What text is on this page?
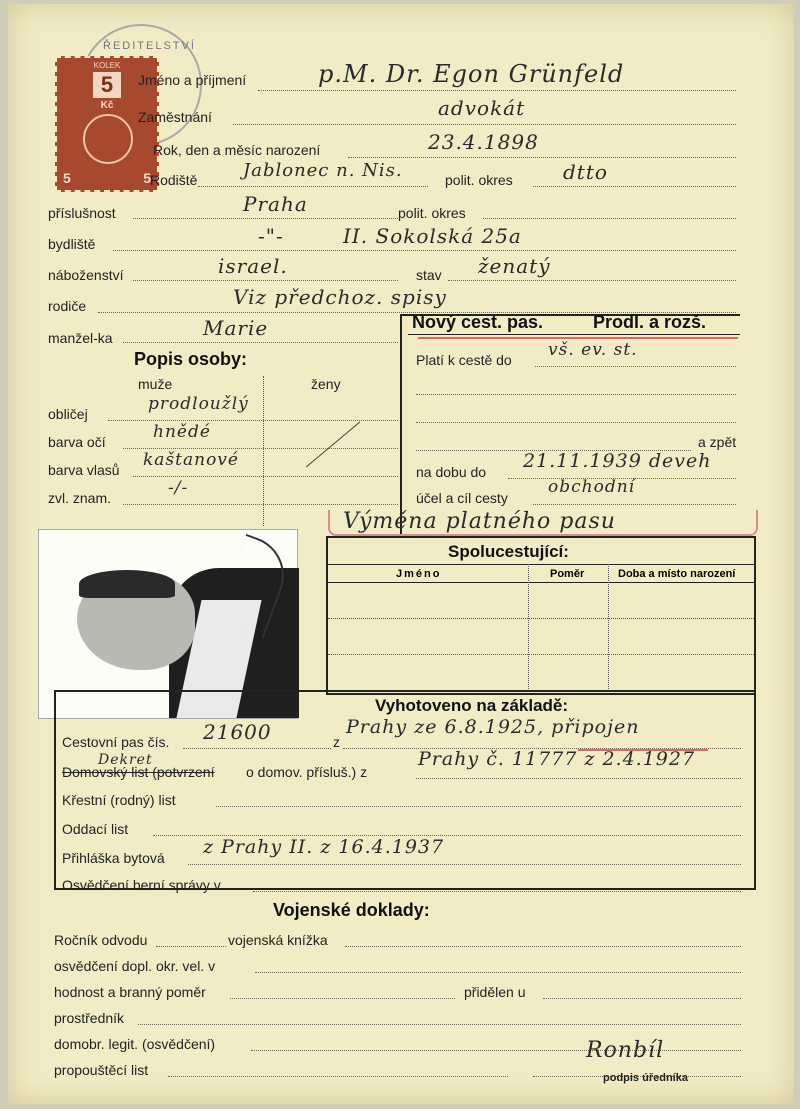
ŘEDITELSTVÍ
KOLEK
5
Kč
5	5
Jméno a příjmení	p.M. Dr. Egon Grünfeld
Zaměstnání	advokát
Rok, den a měsíc narození	23.4.1898
Rodiště	Jablonec n. Nis.	polit. okres	dtto
příslušnost	Praha	polit. okres
bydliště	-"-	II. Sokolská 25a
náboženství	israel.	stav ženatý
rodiče	Viz předchoz. spisy
manžel-ka	Marie
Popis osoby:
muže	ženy
obličej	prodloužlý
barva očí	hnědé
barva vlasů kaštanové
zvl. znam.	-/-
Nový cest. pas.	Prodl. a rozš.
Platí k cestě do vš. ev. st.
a zpět
na dobu do 21.11.1939 deveh
účel a cíl cesty
obchodní
Výměna platného pasu
Spolucestující:
Jméno	Poměr	Doba a místo narození
Vyhotoveno na základě:
Cestovní pas čís. 21600	z
Prahy ze 6.8.1925, připojen
Dekret
Domovský list (potvrzení o domov. přísluš.) z
Prahy č. 11777 z 2.4.1927
Křestní (rodný) list
Oddací list
Přihláška bytová z Prahy II. z 16.4.1937
Osvědčení berní správy v
Vojenské doklady:
Ročník odvodu	vojenská knížka
osvědčení dopl. okr. vel. v
hodnost a branný poměr	přidělen u
prostředník
domobr. legit. (osvědčení)
propouštěcí list
Ronbíl
podpis úředníka
